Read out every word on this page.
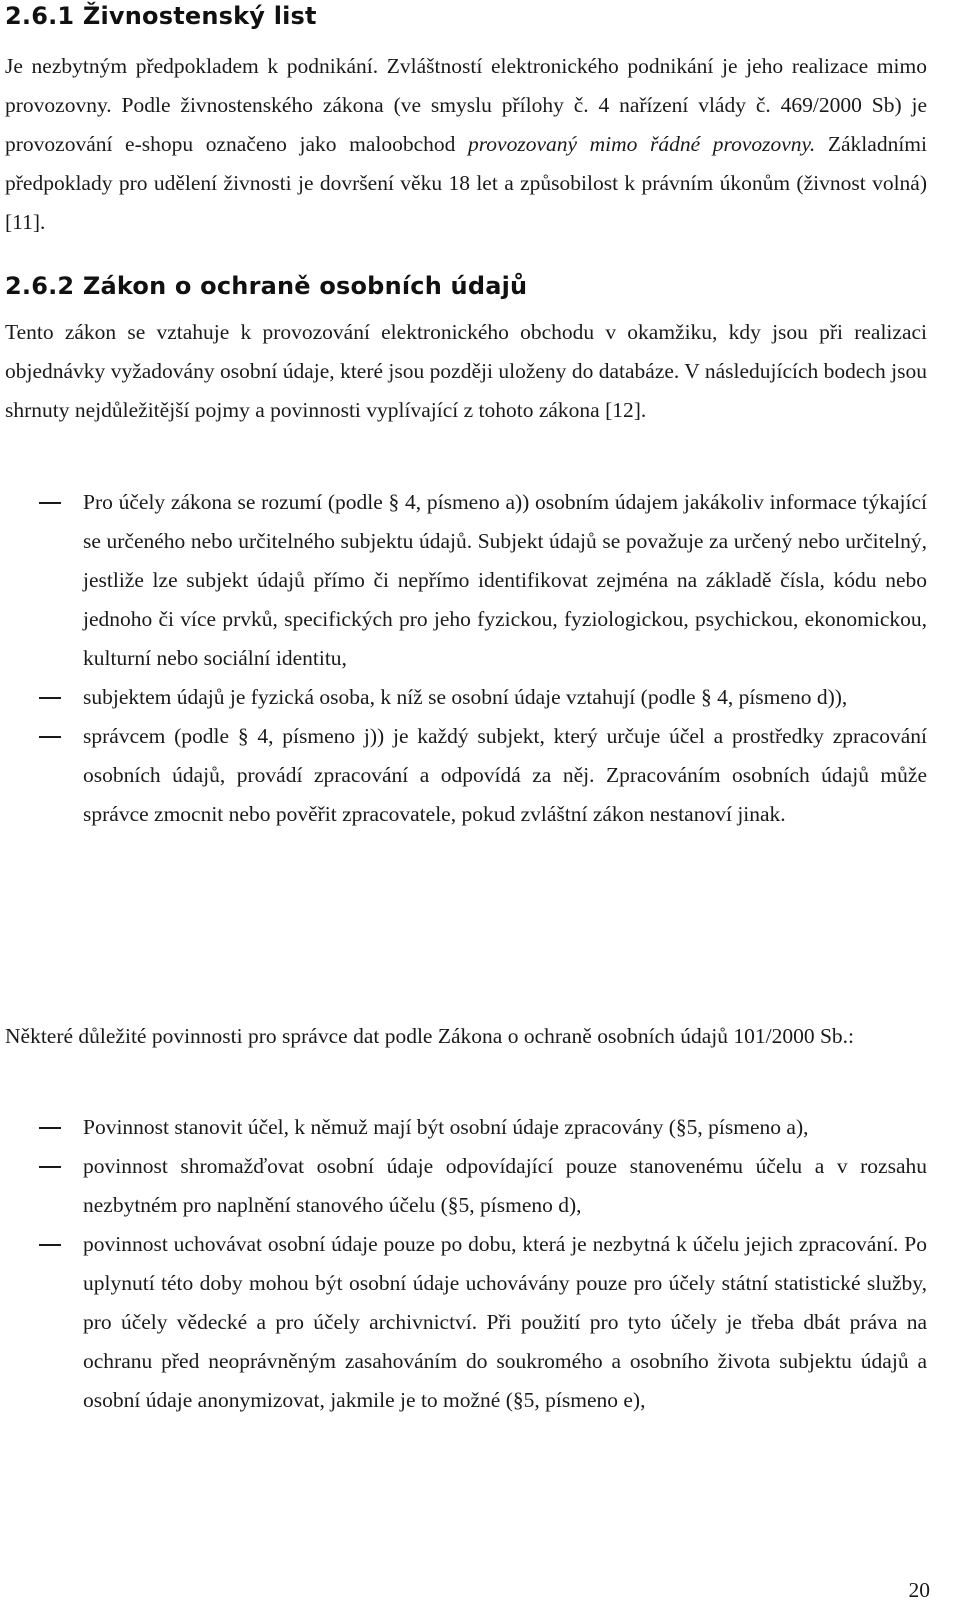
2.6.1 Živnostenský list

Je nezbytným předpokladem k podnikání. Zvláštností elektronického podnikání je jeho realizace mimo provozovny. Podle živnostenského zákona (ve smyslu přílohy č. 4 nařízení vlády č. 469/2000 Sb) je provozování e-shopu označeno jako maloobchod provozovaný mimo řádné provozovny. Základními předpoklady pro udělení živnosti je dovršení věku 18 let a způsobilost k právním úkonům (živnost volná) [11].

2.6.2 Zákon o ochraně osobních údajů

Tento zákon se vztahuje k provozování elektronického obchodu v okamžiku, kdy jsou při realizaci objednávky vyžadovány osobní údaje, které jsou později uloženy do databáze. V následujících bodech jsou shrnuty nejdůležitější pojmy a povinnosti vyplívající z tohoto zákona [12].

Pro účely zákona se rozumí (podle § 4, písmeno a)) osobním údajem jakákoliv informace týkající se určeného nebo určitelného subjektu údajů. Subjekt údajů se považuje za určený nebo určitelný, jestliže lze subjekt údajů přímo či nepřímo identifikovat zejména na základě čísla, kódu nebo jednoho či více prvků, specifických pro jeho fyzickou, fyziologickou, psychickou, ekonomickou, kulturní nebo sociální identitu,

subjektem údajů je fyzická osoba, k níž se osobní údaje vztahují (podle § 4, písmeno d)),

správcem (podle § 4, písmeno j)) je každý subjekt, který určuje účel a prostředky zpracování osobních údajů, provádí zpracování a odpovídá za něj. Zpracováním osobních údajů může správce zmocnit nebo pověřit zpracovatele, pokud zvláštní zákon nestanoví jinak.

Některé důležité povinnosti pro správce dat podle Zákona o ochraně osobních údajů 101/2000 Sb.:

Povinnost stanovit účel, k němuž mají být osobní údaje zpracovány (§5, písmeno a),

povinnost shromažďovat osobní údaje odpovídající pouze stanovenému účelu a v rozsahu nezbytném pro naplnění stanového účelu (§5, písmeno d),

povinnost uchovávat osobní údaje pouze po dobu, která je nezbytná k účelu jejich zpracování. Po uplynutí této doby mohou být osobní údaje uchovávány pouze pro účely státní statistické služby, pro účely vědecké a pro účely archivnictví. Při použití pro tyto účely je třeba dbát práva na ochranu před neoprávněným zasahováním do soukromého a osobního života subjektu údajů a osobní údaje anonymizovat, jakmile je to možné (§5, písmeno e),

20
